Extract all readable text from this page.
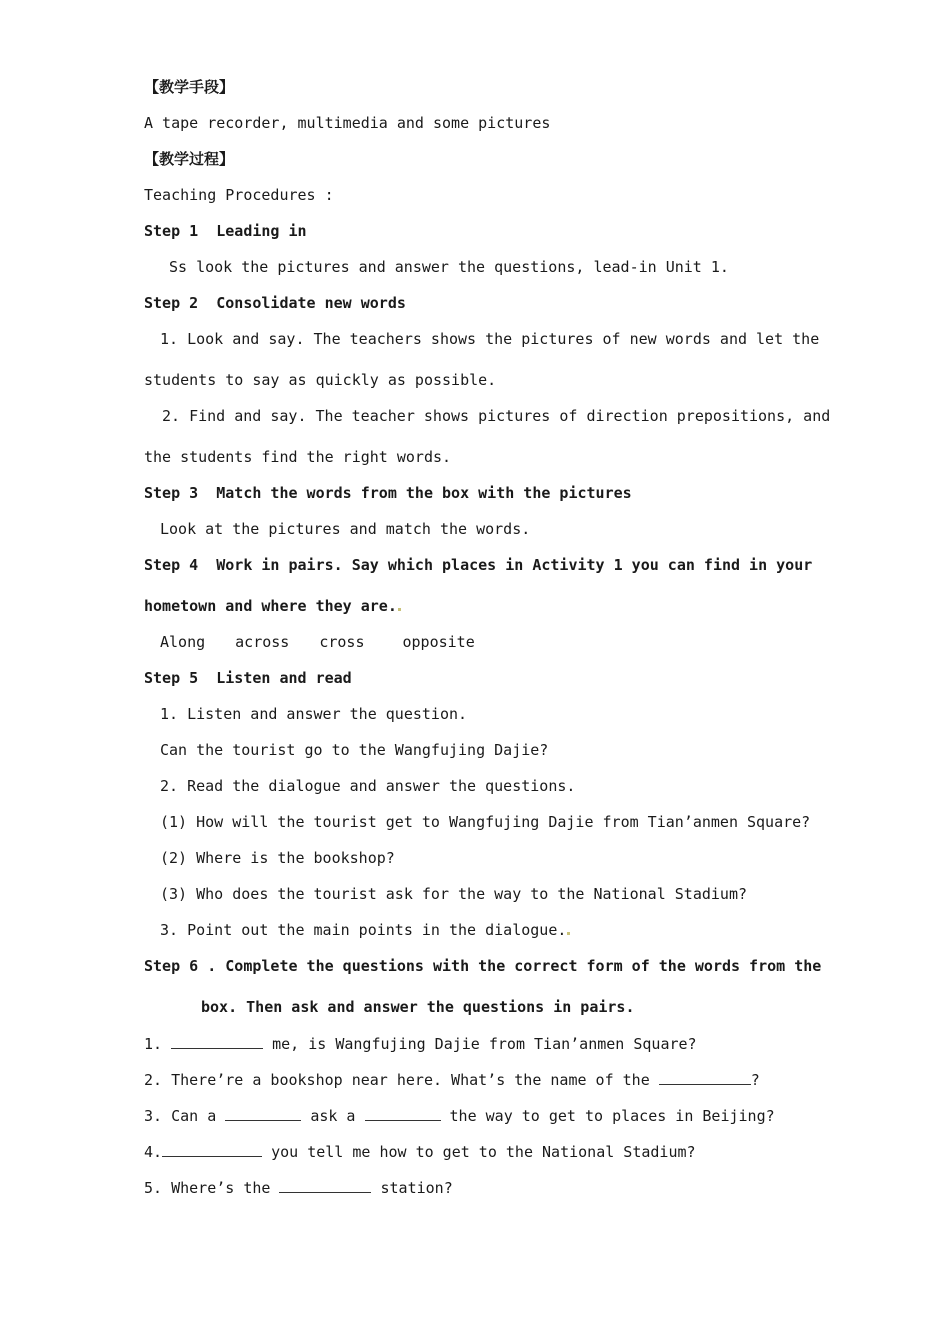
【教学手段】
A tape recorder, multimedia and some pictures
【教学过程】
Teaching Procedures :
Step 1  Leading in
Ss look the pictures and answer the questions, lead-in Unit 1.
Step 2  Consolidate new words
1. Look and say. The teachers shows the pictures of new words and let the
students to say as quickly as possible.
2. Find and say. The teacher shows pictures of direction prepositions, and
the students find the right words.
Step 3  Match the words from the box with the pictures
Look at the pictures and match the words.
Step 4  Work in pairs. Say which places in Activity 1 you can find in your
hometown and where they are.
Along across cross	opposite
Step 5  Listen and read
1. Listen and answer the question.
Can the tourist go to the Wangfujing Dajie?
2. Read the dialogue and answer the questions.
(1) How will the tourist get to Wangfujing Dajie from Tian’anmen Square?
(2) Where is the bookshop?
(3) Who does the tourist ask for the way to the National Stadium?
3. Point out the main points in the dialogue.
Step 6 . Complete the questions with the correct form of the words from the
box. Then ask and answer the questions in pairs.
1.	me, is Wangfujing Dajie from Tian’anmen Square?
2. There’re a bookshop near here. What’s the name of the	?
3. Can a	ask a	the way to get to places in Beijing?
4.	you tell me how to get to the National Stadium?
5. Where’s the	station?
